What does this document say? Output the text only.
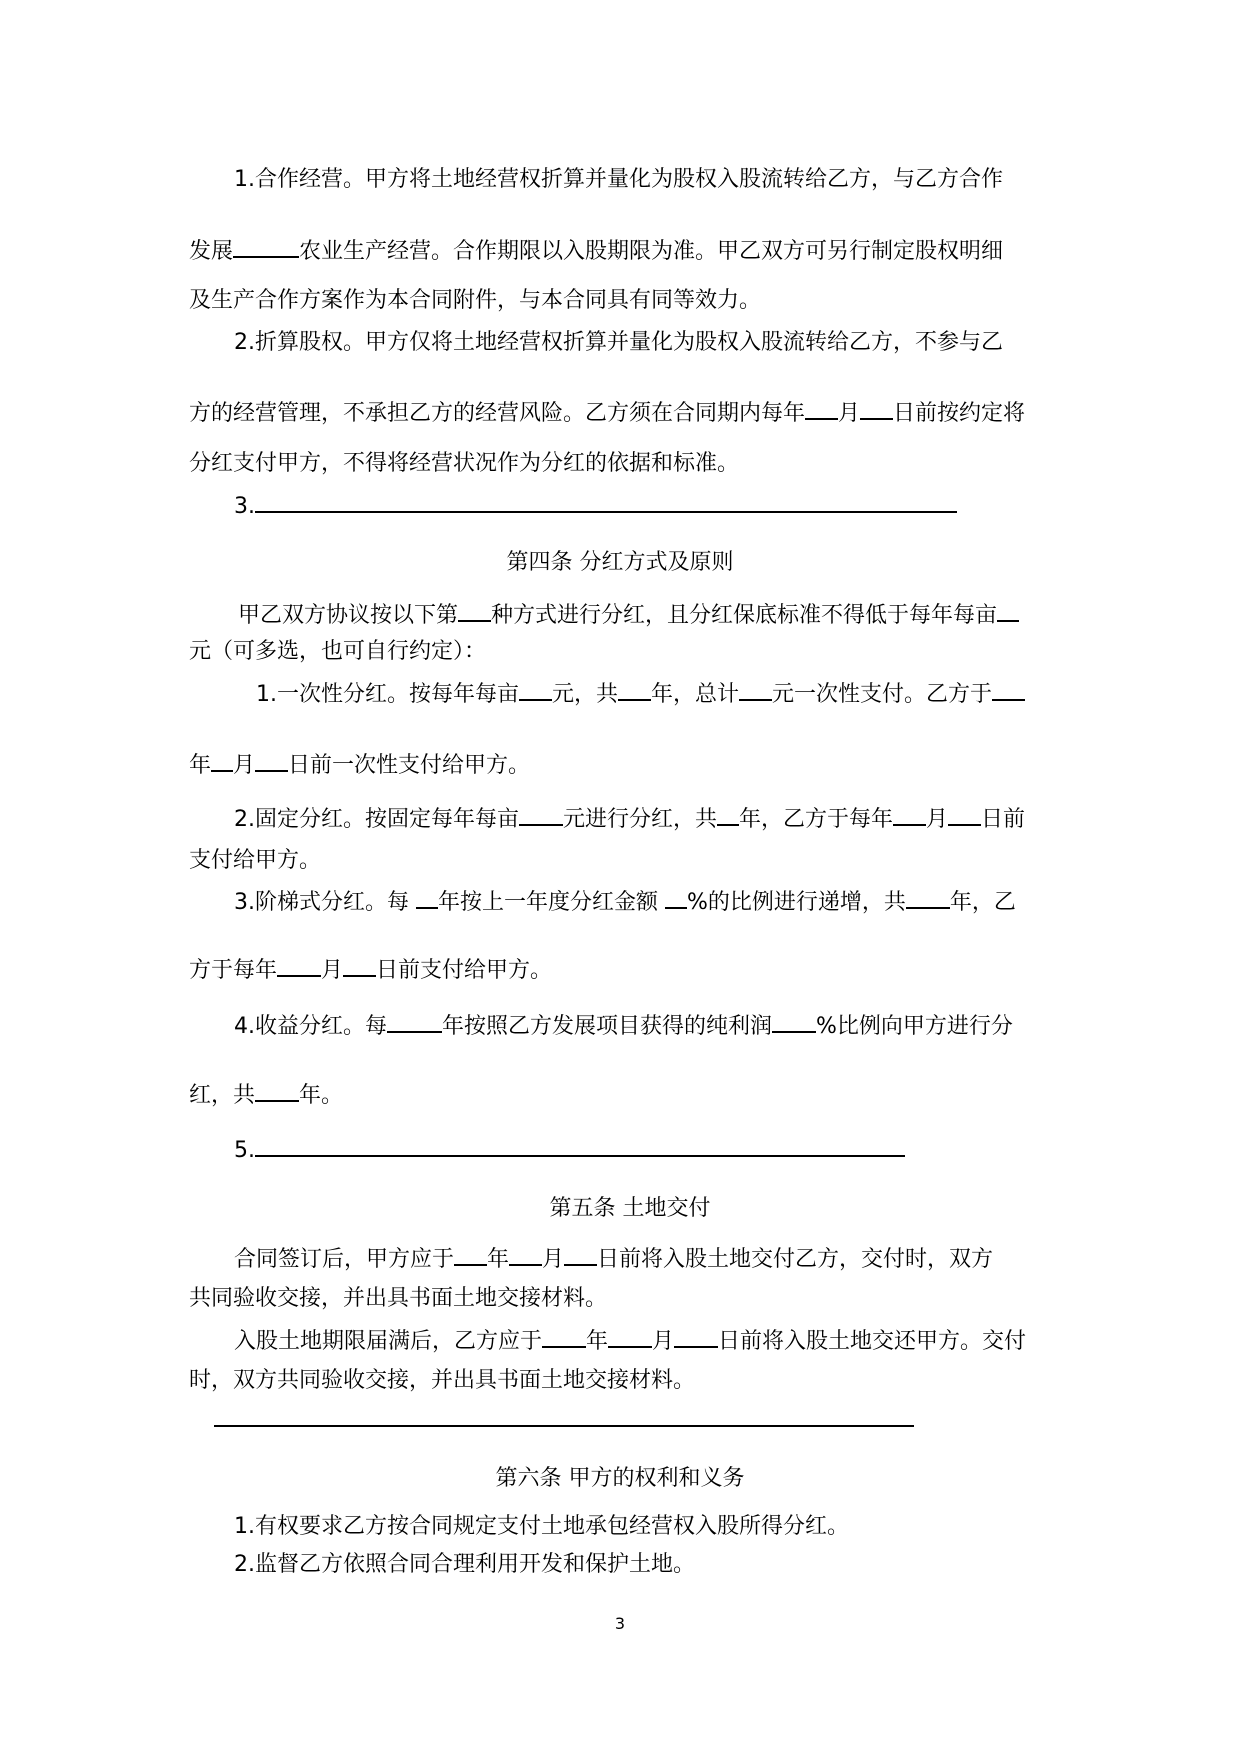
1.合作经营。甲方将土地经营权折算并量化为股权入股流转给乙方，与乙方合作
发展	农业生产经营。合作期限以入股期限为准。甲乙双方可另行制定股权明细
及生产合作方案作为本合同附件，与本合同具有同等效力。
2.折算股权。甲方仅将土地经营权折算并量化为股权入股流转给乙方，不参与乙
方的经营管理，不承担乙方的经营风险。乙方须在合同期内每年 月 日前按约定将
分红支付甲方，不得将经营状况作为分红的依据和标准。
3.
第四条 分红方式及原则
甲乙双方协议按以下第 种方式进行分红，且分红保底标准不得低于每年每亩
元（可多选，也可自行约定）：
1.一次性分红。按每年每亩 元，共 年，总计 元一次性支付。乙方于
年 月 日前一次性支付给甲方。
2.固定分红。按固定每年每亩 元进行分红，共 年，乙方于每年 月 日前
支付给甲方。
3.阶梯式分红。每 年按上一年度分红金额 %的比例进行递增，共 年，乙
方于每年 月 日前支付给甲方。
4.收益分红。每	年按照乙方发展项目获得的纯利润 %比例向甲方进行分
红，共 年。
5.
第五条 土地交付
合同签订后，甲方应于 年 月 日前将入股土地交付乙方，交付时，双方
共同验收交接，并出具书面土地交接材料。
入股土地期限届满后，乙方应于 年 月 日前将入股土地交还甲方。交付
时，双方共同验收交接，并出具书面土地交接材料。
第六条 甲方的权利和义务
1.有权要求乙方按合同规定支付土地承包经营权入股所得分红。
2.监督乙方依照合同合理利用开发和保护土地。
3
